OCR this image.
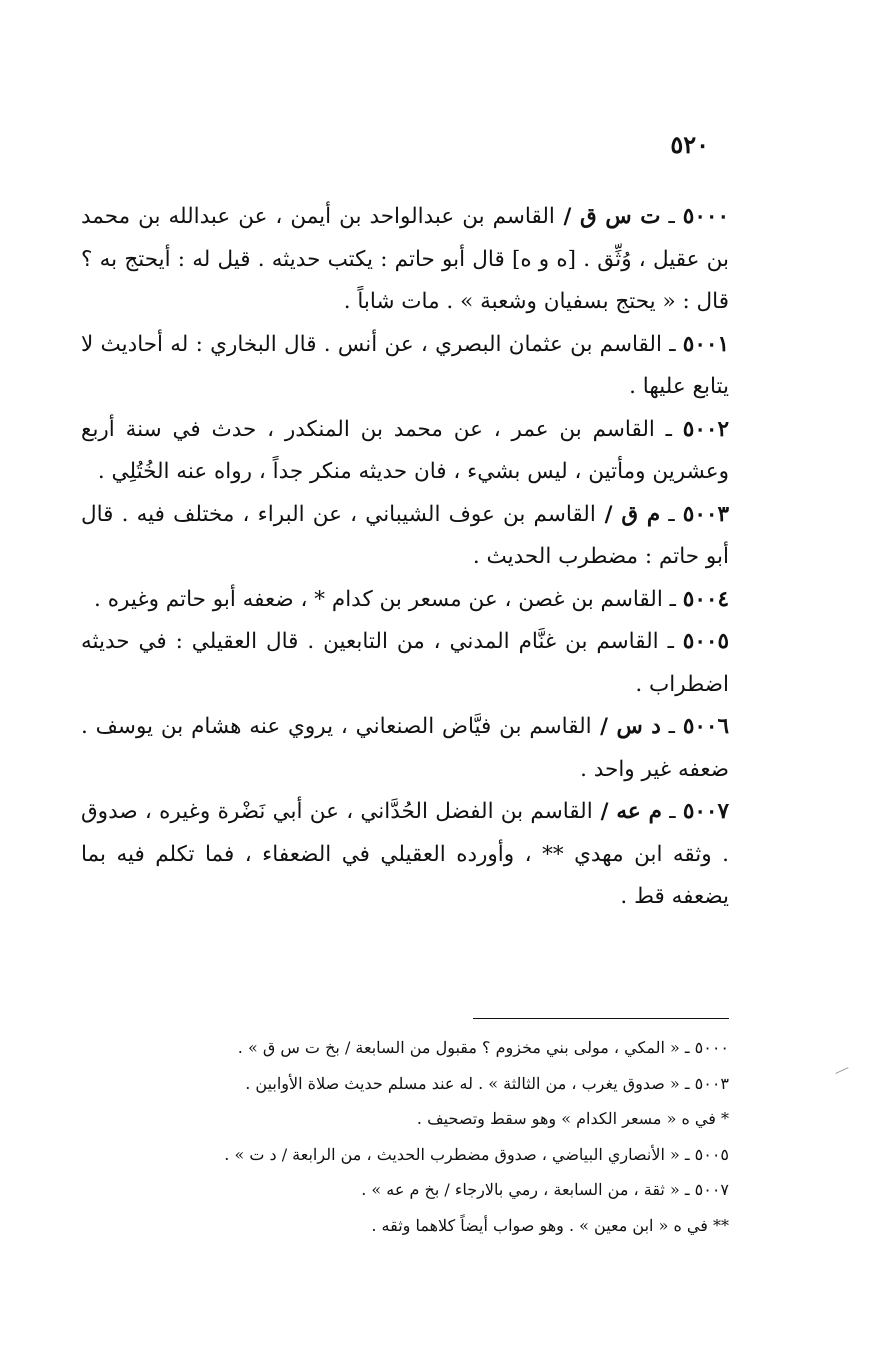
٥٢٠

٥٠٠٠ ـ ت س ق / القاسم بن عبدالواحد بن أيمن ، عن عبدالله بن محمد بن عقيل ، وُثِّق . [ه و ه] قال أبو حاتم : يكتب حديثه . قيل له : أيحتج به ؟ قال : « يحتج بسفيان وشعبة » . مات شاباً .

٥٠٠١ ـ القاسم بن عثمان البصري ، عن أنس . قال البخاري : له أحاديث لا يتابع عليها .

٥٠٠٢ ـ القاسم بن عمر ، عن محمد بن المنكدر ، حدث في سنة أربع وعشرين ومأتين ، ليس بشيء ، فان حديثه منكر جداً ، رواه عنه الخُتُلِي .

٥٠٠٣ ـ م ق / القاسم بن عوف الشيباني ، عن البراء ، مختلف فيه . قال أبو حاتم : مضطرب الحديث .

٥٠٠٤ ـ القاسم بن غصن ، عن مسعر بن كدام * ، ضعفه أبو حاتم وغيره .

٥٠٠٥ ـ القاسم بن غنَّام المدني ، من التابعين . قال العقيلي : في حديثه اضطراب .

٥٠٠٦ ـ د س / القاسم بن فيَّاض الصنعاني ، يروي عنه هشام بن يوسف . ضعفه غير واحد .

٥٠٠٧ ـ م عه / القاسم بن الفضل الحُدَّاني ، عن أبي نَضْرة وغيره ، صدوق . وثقه ابن مهدي ** ، وأورده العقيلي في الضعفاء ، فما تكلم فيه بما يضعفه قط .

٥٠٠٠ ـ « المكي ، مولى بني مخزوم ؟ مقبول من السابعة / بخ ت س ق » .

٥٠٠٣ ـ « صدوق يغرب ، من الثالثة » . له عند مسلم حديث صلاة الأوابين .

* في ه « مسعر الكدام » وهو سقط وتصحيف .

٥٠٠٥ ـ « الأنصاري البياضي ، صدوق مضطرب الحديث ، من الرابعة / د ت » .

٥٠٠٧ ـ « ثقة ، من السابعة ، رمي بالارجاء / بخ م عه » .

** في ه « ابن معين » . وهو صواب أيضاً كلاهما وثقه .
